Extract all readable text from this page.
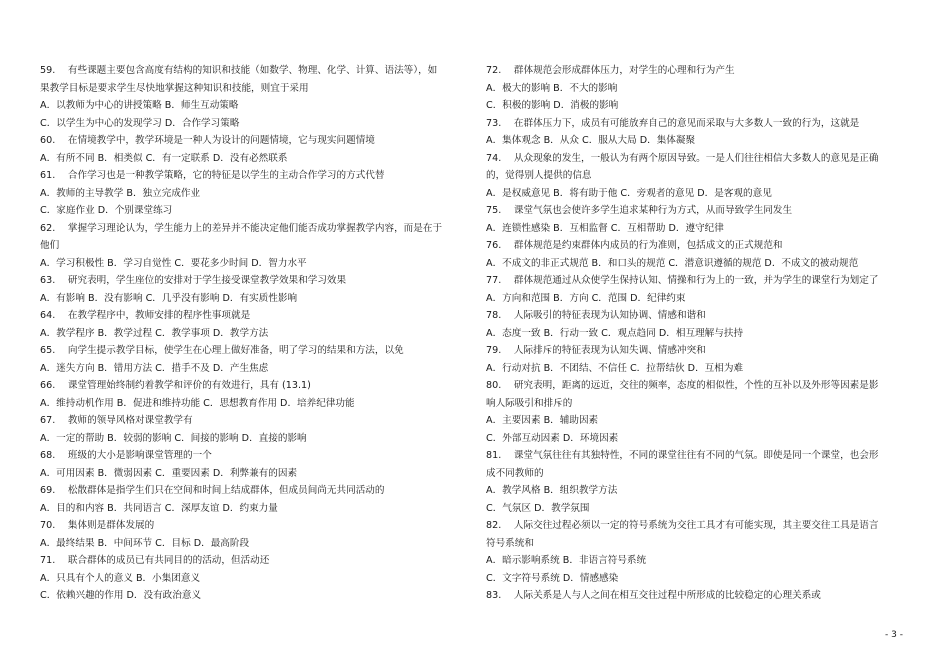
59.　 有些课题主要包含高度有结构的知识和技能（如数学、物理、化学、计算、语法等），如
果教学目标是要求学生尽快地掌握这种知识和技能，则宜于采用
A．以教师为中心的讲授策略 B．师生互动策略
C．以学生为中心的发现学习 D．合作学习策略
60.　 在情境教学中，教学环境是一种人为设计的问题情境，它与现实问题情境
A．有所不同 B．相类似 C．有一定联系 D．没有必然联系
61.　 合作学习也是一种教学策略，它的特征是以学生的主动合作学习的方式代替
A．教师的主导教学 B．独立完成作业
C．家庭作业 D．个别课堂练习
62.　 掌握学习理论认为，学生能力上的差异并不能决定他们能否成功掌握教学内容，而是在于
他们
A．学习积极性 B．学习自觉性 C．要花多少时间 D．智力水平
63.　 研究表明，学生座位的安排对于学生接受课堂教学效果和学习效果
A．有影响 B．没有影响 C．几乎没有影响 D．有实质性影响
64.　 在教学程序中，教师安排的程序性事项就是
A．教学程序 B．教学过程 C．教学事项 D．教学方法
65.　 向学生提示教学目标，使学生在心理上做好准备，明了学习的结果和方法，以免
A．迷失方向 B．错用方法 C．措手不及 D．产生焦虑
66.　 课堂管理始终制约着教学和评价的有效进行，具有 (13.1)
A．维持动机作用 B．促进和维持功能 C．思想教育作用 D．培养纪律功能
67.　 教师的领导风格对课堂教学有
A．一定的帮助 B．较弱的影响 C．间接的影响 D．直接的影响
68.　 班级的大小是影响课堂管理的一个
A．可用因素 B．微弱因素 C．重要因素 D．利弊兼有的因素
69.　 松散群体是指学生们只在空间和时间上结成群体，但成员间尚无共同活动的
A．目的和内容 B．共同语言 C．深厚友谊 D．约束力量
70.　 集体则是群体发展的
A．最终结果 B．中间环节 C．目标 D．最高阶段
71.　 联合群体的成员已有共同目的的活动，但活动还
A．只具有个人的意义 B．小集团意义
C．依赖兴趣的作用 D．没有政治意义
72.　 群体规范会形成群体压力，对学生的心理和行为产生
A．极大的影响 B．不大的影响
C．积极的影响 D．消极的影响
73.　 在群体压力下，成员有可能放弃自己的意见而采取与大多数人一致的行为，这就是
A．集体观念 B．从众 C．服从大局 D．集体凝聚
74.　 从众现象的发生，一般认为有两个原因导致。一是人们往往相信大多数人的意见是正确
的，觉得别人提供的信息
A．是权威意见 B．将有助于他 C．旁观者的意见 D．是客观的意见
75.　 课堂气氛也会使许多学生追求某种行为方式，从而导致学生同发生
A．连锁性感染 B．互相监督 C．互相帮助 D．遵守纪律
76.　 群体规范是约束群体内成员的行为准则，包括成文的正式规范和
A．不成文的非正式规范 B．和口头的规范 C．潜意识遵循的规范 D．不成文的被动规范
77.　 群体规范通过从众使学生保持认知、情操和行为上的一致，并为学生的课堂行为划定了
A．方向和范围 B．方向 C．范围 D．纪律约束
78.　 人际吸引的特征表现为认知协调、情感和谐和
A．态度一致 B．行动一致 C．观点趋同 D．相互理解与扶持
79.　 人际排斥的特征表现为认知失调、情感冲突和
A．行动对抗 B．不团结、不信任 C．拉帮结伙 D．互相为难
80.　 研究表明，距离的远近，交往的频率，态度的相似性，个性的互补以及外形等因素是影
响人际吸引和排斥的
A．主要因素 B．辅助因素
C．外部互动因素 D．环境因素
81.　 课堂气氛往往有其独特性，不同的课堂往往有不同的气氛。即使是同一个课堂，也会形
成不同教师的
A．教学风格 B．组织教学方法
C．气氛区 D．教学氛围
82.　 人际交往过程必须以一定的符号系统为交往工具才有可能实现，其主要交往工具是语言
符号系统和
A．暗示影响系统 B．非语言符号系统
C．文字符号系统 D．情感感染
83.　 人际关系是人与人之间在相互交往过程中所形成的比较稳定的心理关系或
- 3 -
